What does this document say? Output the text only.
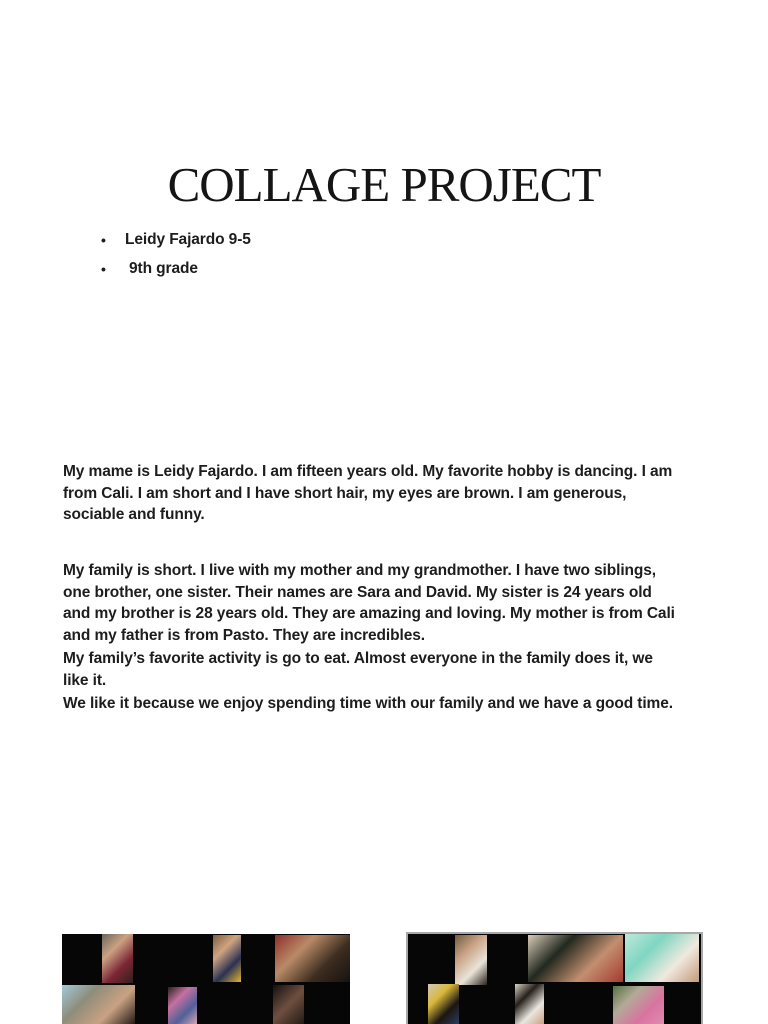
COLLAGE PROJECT
•	Leidy Fajardo 9-5
•	9th grade
My mame is Leidy Fajardo. I am fifteen years old. My favorite hobby is dancing. I am
from Cali. I am short and I have short hair, my eyes are brown. I am generous,
sociable and funny.
My family is short. I live with my mother and my grandmother. I have two siblings,
one brother, one sister. Their names are Sara and David. My sister is 24 years old
and my brother is 28 years old. They are amazing and loving. My mother is from Cali
and my father is from Pasto. They are incredibles.
My family’s favorite activity is go to eat. Almost everyone in the family does it, we
like it.
We like it because we enjoy spending time with our family and we have a good time.
